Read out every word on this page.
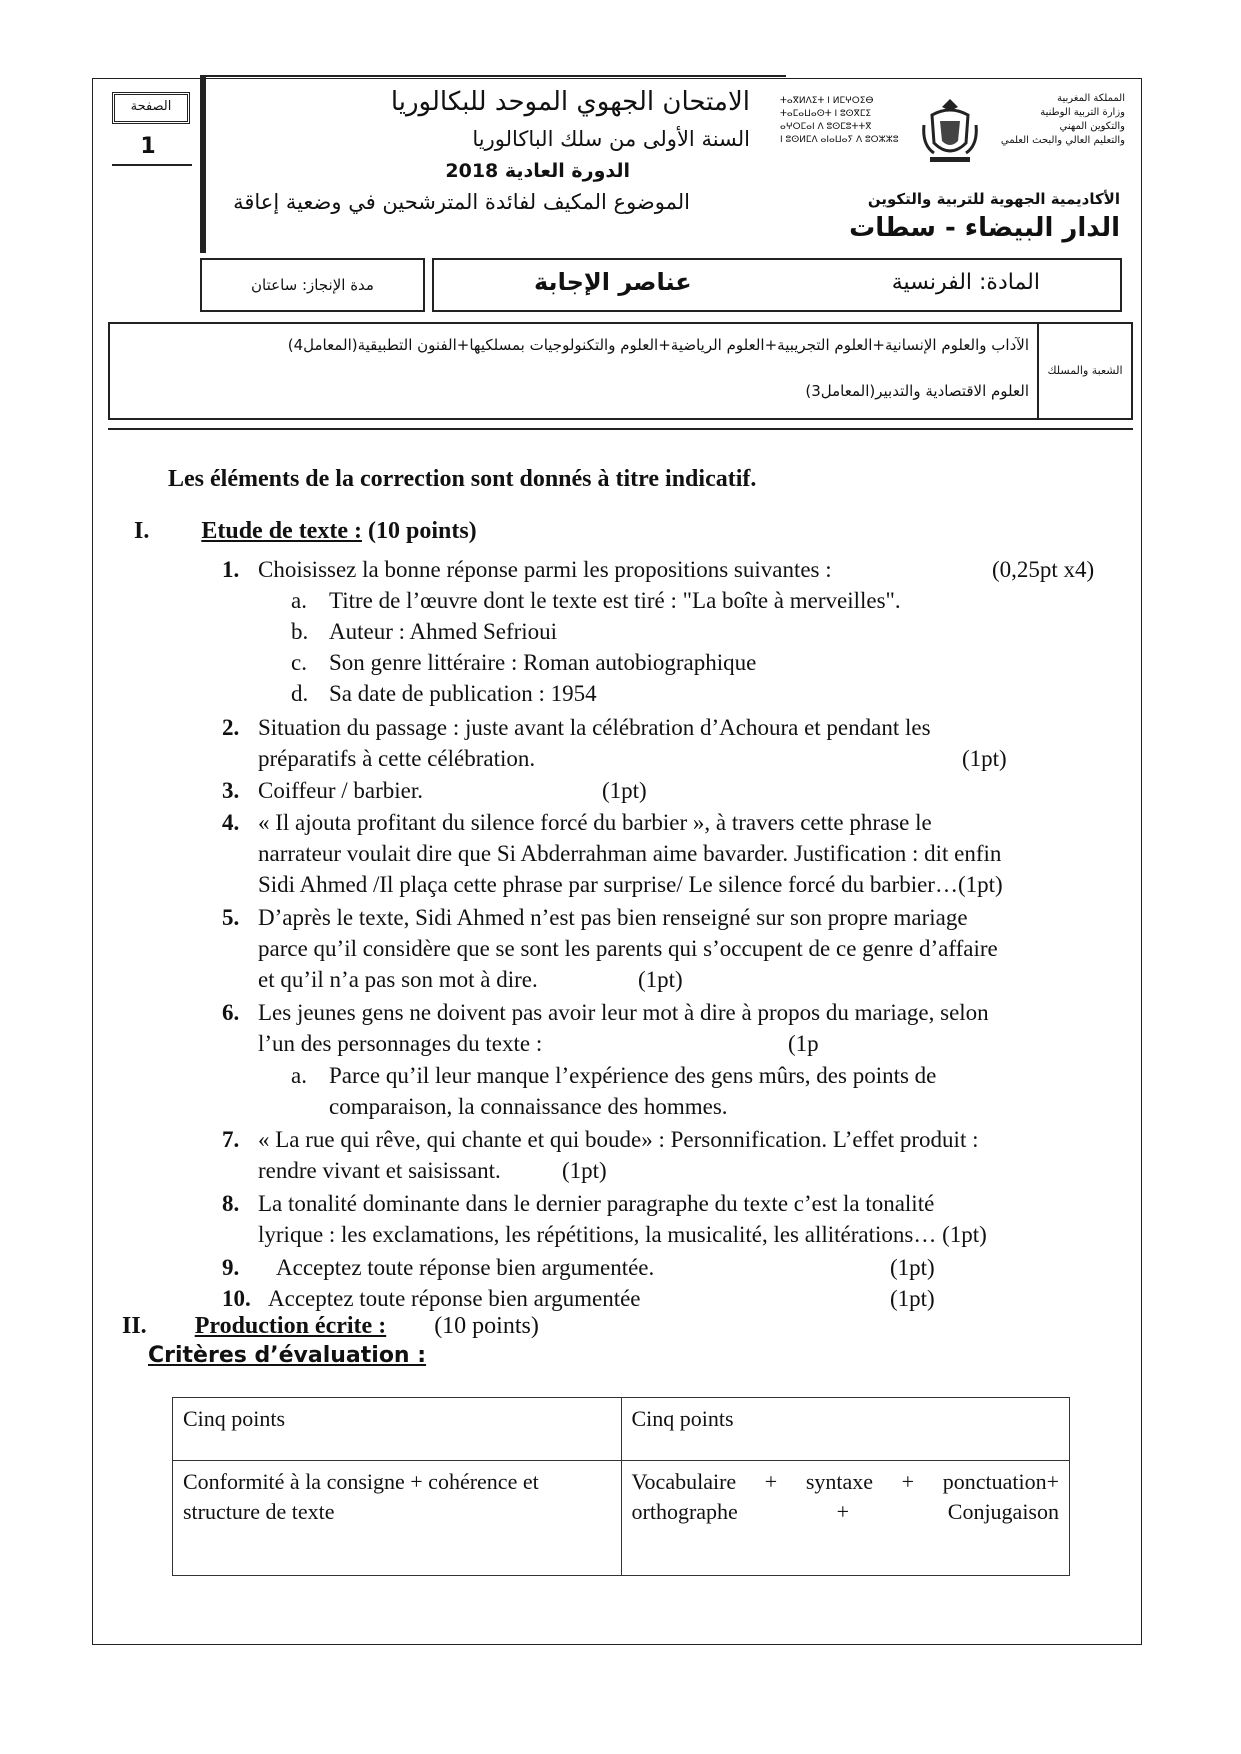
الصفحة
1
الامتحان الجهوي الموحد للبكالوريا
السنة الأولى من سلك الباكالوريا
الدورة العادية 2018
الموضوع المكيف لفائدة المترشحين في وضعية إعاقة
ⵜⴰⴳⵍⴷⵉⵜ ⵏ ⵍⵎⵖⵔⵉⴱ
ⵜⴰⵎⴰⵡⴰⵙⵜ ⵏ ⵓⵙⴳⵎⵉ
ⴰⵖⵔⵎⴰⵏ ⴷ ⵓⵙⵎⵓⵜⵜⴳ
ⵏ ⵓⵙⵍⵎⴷ ⴰⵏⴰⵡⴰⵢ ⴷ ⵓⵔⵣⵣⵓ
المملكة المغربية
وزارة التربية الوطنية
والتكوين المهني
والتعليم العالي والبحث العلمي
الأكاديمية الجهوية للتربية والتكوين
الدار البيضاء - سطات
مدة الإنجاز: ساعتان	عناصر الإجابة	المادة: الفرنسية
الشعبة والمسلك
الآداب والعلوم الإنسانية+العلوم التجريبية+العلوم الرياضية+العلوم والتكنولوجيات بمسلكيها+الفنون التطبيقية(المعامل4)
العلوم الاقتصادية والتدبير(المعامل3)
Les éléments de la correction sont donnés à titre indicatif.
I. Etude de texte : (10 points)
1. Choisissez la bonne réponse parmi les propositions suivantes :	(0,25pt x4)
a. Titre de l’œuvre dont le texte est tiré : "La boîte à merveilles".
b. Auteur : Ahmed Sefrioui
c. Son genre littéraire : Roman autobiographique
d. Sa date de publication : 1954
2. Situation du passage : juste avant la célébration d’Achoura et pendant les
préparatifs à cette célébration.	(1pt)
3. Coiffeur / barbier.	(1pt)
4. « Il ajouta profitant du silence forcé du barbier », à travers cette phrase le
narrateur voulait dire que Si Abderrahman aime bavarder. Justification : dit enfin
Sidi Ahmed /Il plaça cette phrase par surprise/ Le silence forcé du barbier…(1pt)
5. D’après le texte, Sidi Ahmed n’est pas bien renseigné sur son propre mariage
parce qu’il considère que se sont les parents qui s’occupent de ce genre d’affaire
et qu’il n’a pas son mot à dire.	(1pt)
6. Les jeunes gens ne doivent pas avoir leur mot à dire à propos du mariage, selon
l’un des personnages du texte :	(1p
a. Parce qu’il leur manque l’expérience des gens mûrs, des points de
comparaison, la connaissance des hommes.
7. « La rue qui rêve, qui chante et qui boude» : Personnification. L’effet produit :
rendre vivant et saisissant.	(1pt)
8. La tonalité dominante dans le dernier paragraphe du texte c’est la tonalité
lyrique : les exclamations, les répétitions, la musicalité, les allitérations… (1pt)
9. Acceptez toute réponse bien argumentée.	(1pt)
10. Acceptez toute réponse bien argumentée	(1pt)
II. Production écrite : (10 points)
Critères d’évaluation :
Cinq points	Cinq points
Conformité à la consigne + cohérence et structure de texte	Vocabulaire + syntaxe + ponctuation+ orthographe + Conjugaison
